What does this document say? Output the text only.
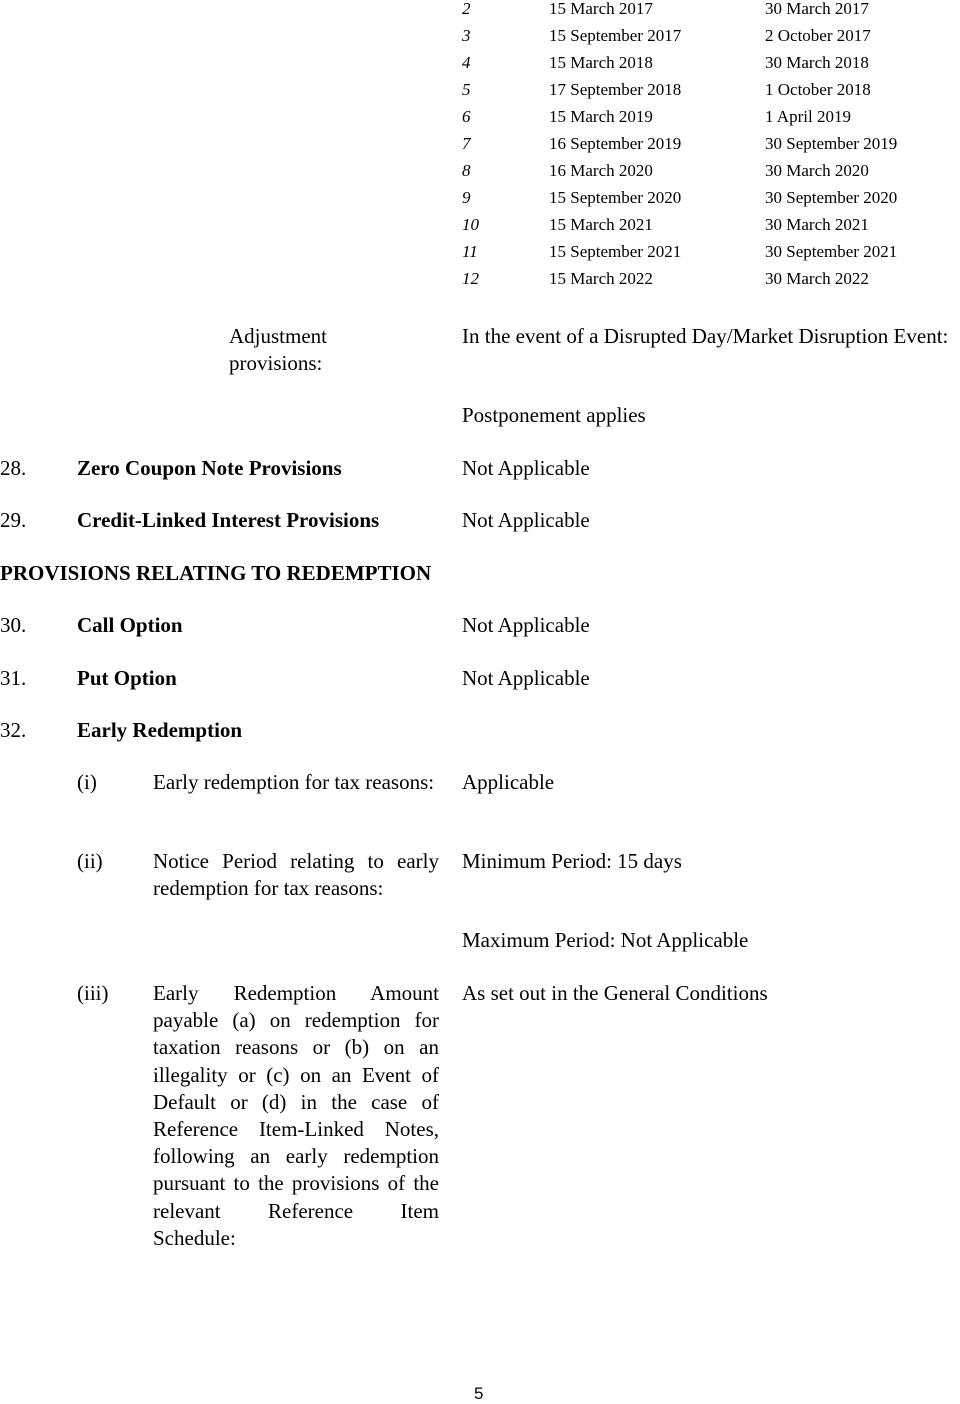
2	15 March 2017	30 March 2017
3	15 September 2017	2 October 2017
4	15 March 2018	30 March 2018
5	17 September 2018	1 October 2018
6	15 March 2019	1 April 2019
7	16 September 2019	30 September 2019
8	16 March 2020	30 March 2020
9	15 September 2020	30 September 2020
10	15 March 2021	30 March 2021
11	15 September 2021	30 September 2021
12	15 March 2022	30 March 2022
Adjustment provisions:
In the event of a Disrupted Day/Market Disruption Event:
Postponement applies
28. Zero Coupon Note Provisions	Not Applicable
29. Credit-Linked Interest Provisions	Not Applicable
PROVISIONS RELATING TO REDEMPTION
30. Call Option	Not Applicable
31. Put Option	Not Applicable
32. Early Redemption
(i)	Early redemption for tax reasons: Applicable
(ii) Notice Period relating to early redemption for tax reasons:
Minimum Period: 15 days
Maximum Period: Not Applicable
(iii) Early Redemption Amount payable (a) on redemption for taxation reasons or (b) on an illegality or (c) on an Event of Default or (d) in the case of Reference Item-Linked Notes, following an early redemption pursuant to the provisions of the relevant Reference Item Schedule:
As set out in the General Conditions
5
